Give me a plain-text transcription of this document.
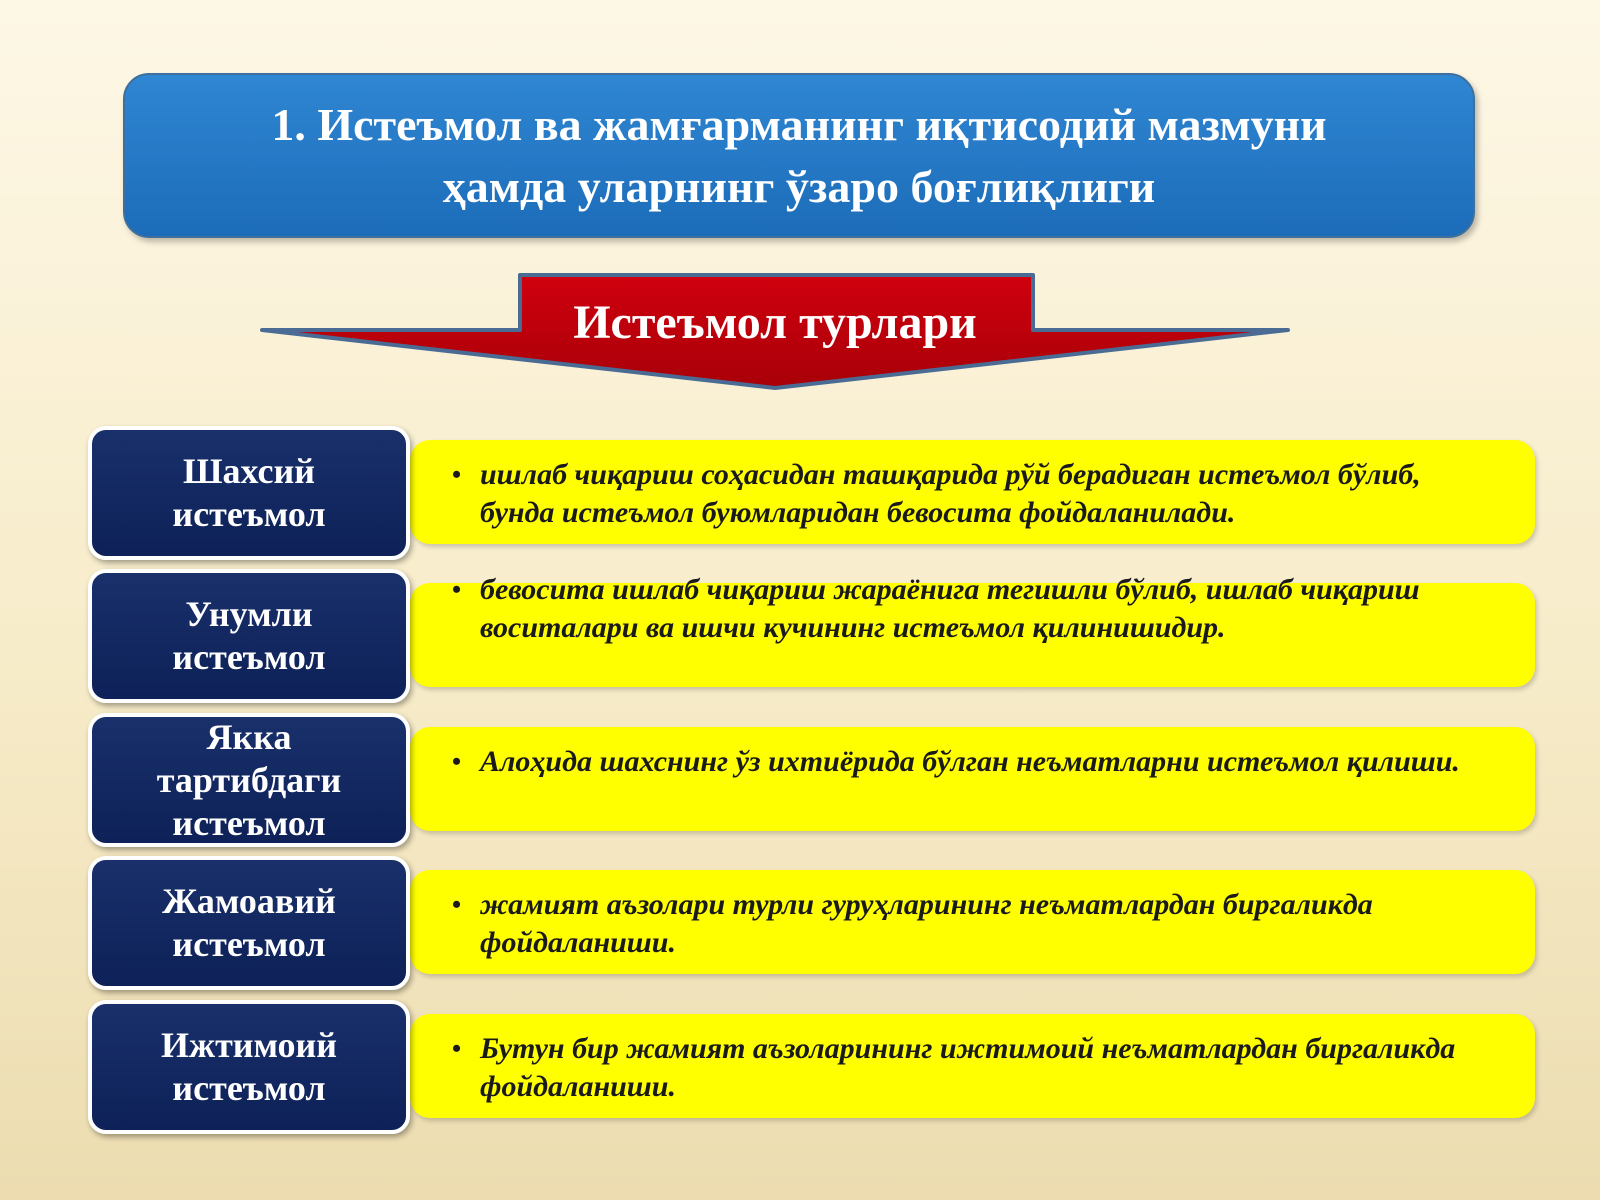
1. Истеъмол ва жамғарманинг иқтисодий мазмуни
ҳамда уларнинг ўзаро боғлиқлиги
Истеъмол турлари
• ишлаб чиқариш соҳасидан ташқарида рўй берадиган истеъмол бўлиб, бунда истеъмол буюмларидан бевосита фойдаланилади.
Шахсий
истеъмол
• бевосита ишлаб чиқариш жараёнига тегишли бўлиб, ишлаб чиқариш воситалари ва ишчи кучининг истеъмол қилинишидир.
Унумли
истеъмол
• Алоҳида шахснинг ўз ихтиёрида бўлган неъматларни истеъмол қилиши.
Якка
тартибдаги
истеъмол
• жамият аъзолари турли гуруҳларининг неъматлардан биргаликда фойдаланиши.
Жамоавий
истеъмол
• Бутун бир жамият аъзоларининг ижтимоий неъматлардан биргаликда фойдаланиши.
Ижтимоий
истеъмол
